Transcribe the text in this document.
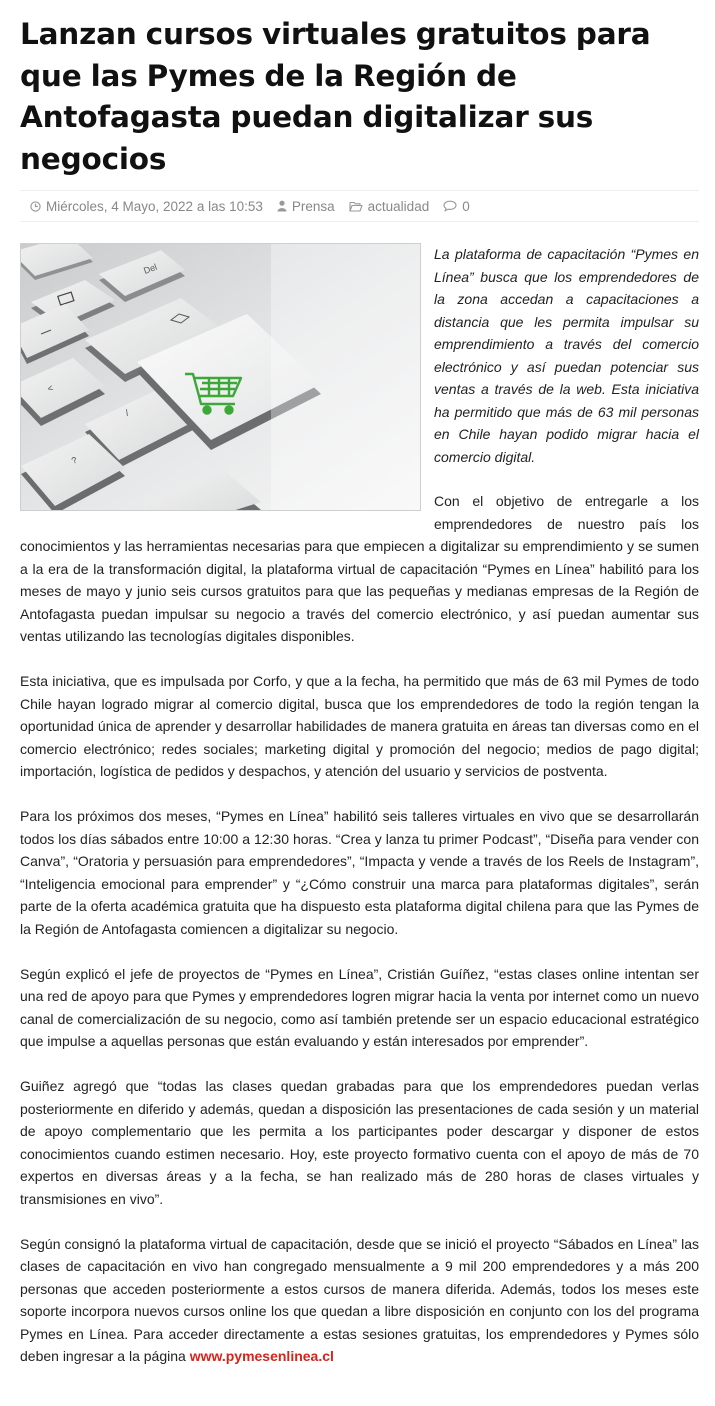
Lanzan cursos virtuales gratuitos para que las Pymes de la Región de Antofagasta puedan digitalizar sus negocios
Miércoles, 4 Mayo, 2022 a las 10:53 Prensa actualidad 0
Del
<
/
?

La plataforma de capacitación “Pymes en Línea” busca que los emprendedores de la zona accedan a capacitaciones a distancia que les permita impulsar su emprendimiento a través del comercio electrónico y así puedan potenciar sus ventas a través de la web. Esta iniciativa ha permitido que más de 63 mil personas en Chile hayan podido migrar hacia el comercio digital.

Con el objetivo de entregarle a los emprendedores de nuestro país los conocimientos y las herramientas necesarias para que empiecen a digitalizar su emprendimiento y se sumen a la era de la transformación digital, la plataforma virtual de capacitación “Pymes en Línea” habilitó para los meses de mayo y junio seis cursos gratuitos para que las pequeñas y medianas empresas de la Región de Antofagasta puedan impulsar su negocio a través del comercio electrónico, y así puedan aumentar sus ventas utilizando las tecnologías digitales disponibles.

Esta iniciativa, que es impulsada por Corfo, y que a la fecha, ha permitido que más de 63 mil Pymes de todo Chile hayan logrado migrar al comercio digital, busca que los emprendedores de todo la región tengan la oportunidad única de aprender y desarrollar habilidades de manera gratuita en áreas tan diversas como en el comercio electrónico; redes sociales; marketing digital y promoción del negocio; medios de pago digital; importación, logística de pedidos y despachos, y atención del usuario y servicios de postventa.

Para los próximos dos meses, “Pymes en Línea” habilitó seis talleres virtuales en vivo que se desarrollarán todos los días sábados entre 10:00 a 12:30 horas. “Crea y lanza tu primer Podcast”, “Diseña para vender con Canva”, “Oratoria y persuasión para emprendedores”, “Impacta y vende a través de los Reels de Instagram”, “Inteligencia emocional para emprender” y “¿Cómo construir una marca para plataformas digitales”, serán parte de la oferta académica gratuita que ha dispuesto esta plataforma digital chilena para que las Pymes de la Región de Antofagasta comiencen a digitalizar su negocio.

Según explicó el jefe de proyectos de “Pymes en Línea”, Cristián Guíñez, “estas clases online intentan ser una red de apoyo para que Pymes y emprendedores logren migrar hacia la venta por internet como un nuevo canal de comercialización de su negocio, como así también pretende ser un espacio educacional estratégico que impulse a aquellas personas que están evaluando y están interesados por emprender”.

Guiñez agregó que “todas las clases quedan grabadas para que los emprendedores puedan verlas posteriormente en diferido y además, quedan a disposición las presentaciones de cada sesión y un material de apoyo complementario que les permita a los participantes poder descargar y disponer de estos conocimientos cuando estimen necesario. Hoy, este proyecto formativo cuenta con el apoyo de más de 70 expertos en diversas áreas y a la fecha, se han realizado más de 280 horas de clases virtuales y transmisiones en vivo”.

Según consignó la plataforma virtual de capacitación, desde que se inició el proyecto “Sábados en Línea” las clases de capacitación en vivo han congregado mensualmente a 9 mil 200 emprendedores y a más 200 personas que acceden posteriormente a estos cursos de manera diferida. Además, todos los meses este soporte incorpora nuevos cursos online los que quedan a libre disposición en conjunto con los del programa Pymes en Línea. Para acceder directamente a estas sesiones gratuitas, los emprendedores y Pymes sólo deben ingresar a la página www.pymesenlinea.cl
